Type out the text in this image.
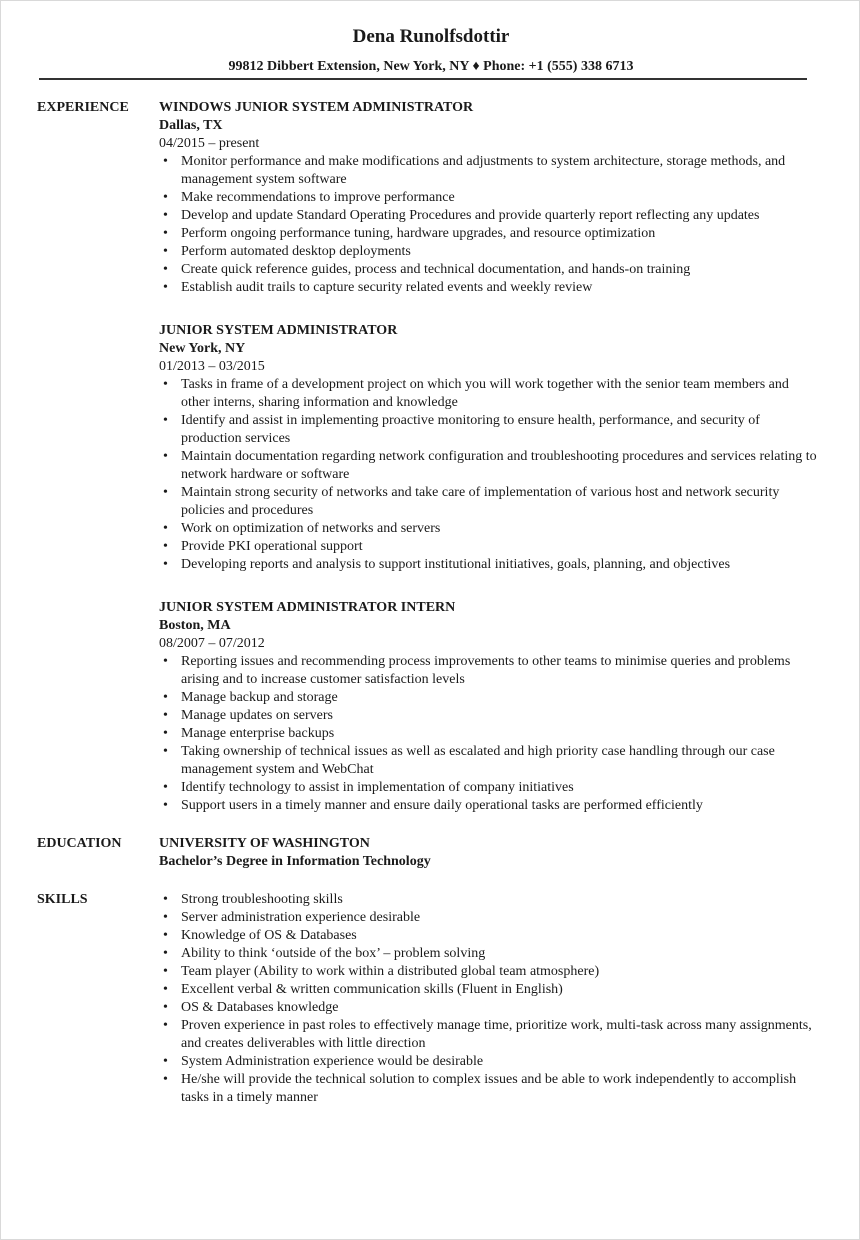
Dena Runolfsdottir
99812 Dibbert Extension, New York, NY ♦ Phone: +1 (555) 338 6713
EXPERIENCE WINDOWS JUNIOR SYSTEM ADMINISTRATOR
Dallas, TX
04/2015 – present
• Monitor performance and make modifications and adjustments to system architecture, storage methods, and management system software
• Make recommendations to improve performance
• Develop and update Standard Operating Procedures and provide quarterly report reflecting any updates
• Perform ongoing performance tuning, hardware upgrades, and resource optimization
• Perform automated desktop deployments
• Create quick reference guides, process and technical documentation, and hands-on training
• Establish audit trails to capture security related events and weekly review
JUNIOR SYSTEM ADMINISTRATOR
New York, NY
01/2013 – 03/2015
• Tasks in frame of a development project on which you will work together with the senior team members and other interns, sharing information and knowledge
• Identify and assist in implementing proactive monitoring to ensure health, performance, and security of production services
• Maintain documentation regarding network configuration and troubleshooting procedures and services relating to network hardware or software
• Maintain strong security of networks and take care of implementation of various host and network security policies and procedures
• Work on optimization of networks and servers
• Provide PKI operational support
• Developing reports and analysis to support institutional initiatives, goals, planning, and objectives
JUNIOR SYSTEM ADMINISTRATOR INTERN
Boston, MA
08/2007 – 07/2012
• Reporting issues and recommending process improvements to other teams to minimise queries and problems arising and to increase customer satisfaction levels
• Manage backup and storage
• Manage updates on servers
• Manage enterprise backups
• Taking ownership of technical issues as well as escalated and high priority case handling through our case management system and WebChat
• Identify technology to assist in implementation of company initiatives
• Support users in a timely manner and ensure daily operational tasks are performed efficiently
EDUCATION	UNIVERSITY OF WASHINGTON
Bachelor’s Degree in Information Technology
SKILLS
•	Strong troubleshooting skills
• Server administration experience desirable
• Knowledge of OS & Databases
• Ability to think ‘outside of the box’ – problem solving
• Team player (Ability to work within a distributed global team atmosphere)
• Excellent verbal & written communication skills (Fluent in English)
• OS & Databases knowledge
• Proven experience in past roles to effectively manage time, prioritize work, multi-task across many assignments, and creates deliverables with little direction
• System Administration experience would be desirable
• He/she will provide the technical solution to complex issues and be able to work independently to accomplish tasks in a timely manner
